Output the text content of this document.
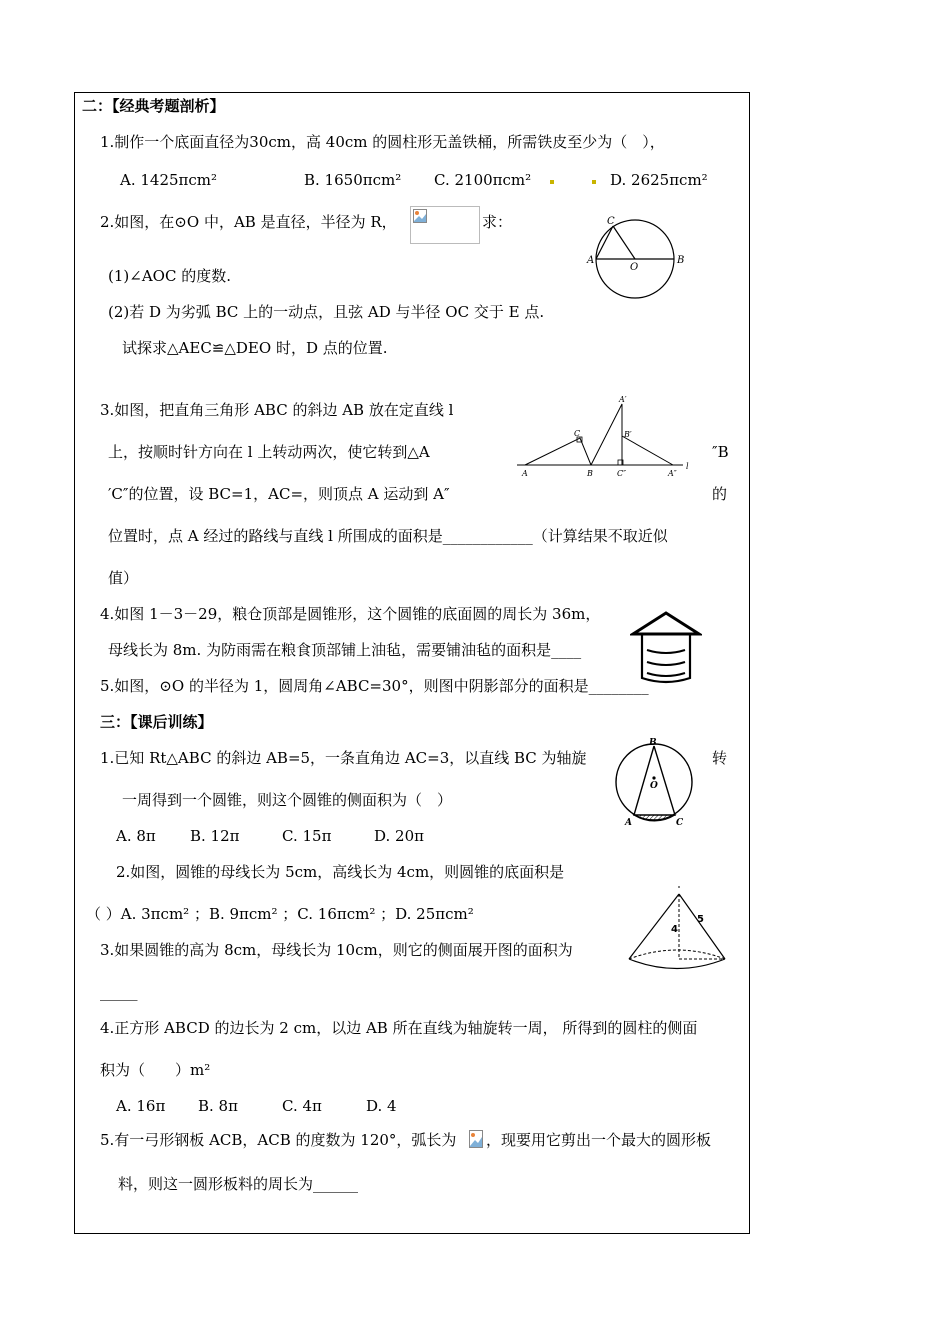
二：【经典考题剖析】
1.制作一个底面直径为30cm，高 40cm 的圆柱形无盖铁桶，所需铁皮至少为（　），
A. 1425πcm²	B. 1650πcm² C. 2100πcm²	D. 2625πcm²
2.如图，在⊙O 中，AB 是直径，半径为 R，	求：	C
A
O
B
(1)∠AOC 的度数.
(2)若 D 为劣弧 BC 上的一动点，且弦 AD 与半径 OC 交于 E 点.
试探求△AEC≌△DEO 时，D 点的位置.
3.如图，把直角三角形 ABC 的斜边 AB 放在定直线 l
上，按顺时针方向在 l 上转动两次，使它转到△A	″B
′C″的位置，设 BC=1，AC=，则顶点 A 运动到 A″	的
位置时，点 A 经过的路线与直线 l 所围成的面积是____________（计算结果不取近似
值）
A′
C	B′
A	B	C″	A″
l
4.如图 1－3－29，粮仓顶部是圆锥形，这个圆锥的底面圆的周长为 36m，
母线长为 8m. 为防雨需在粮食顶部铺上油毡，需要铺油毡的面积是____
5.如图，⊙O 的半径为 1，圆周角∠ABC=30°，则图中阴影部分的面积是________
三：【课后训练】
1.已知 Rt△ABC 的斜边 AB=5，一条直角边 AC=3，以直线 BC 为轴旋	转
一周得到一个圆锥，则这个圆锥的侧面积为（　）
A. 8π B. 12π	C. 15π	D. 20π
B
O
A	C
2.如图，圆锥的母线长为 5cm，高线长为 4cm，则圆锥的底面积是
（ ）A. 3πcm² ；B. 9πcm² ；C. 16πcm² ；D. 25πcm²
4
5
3.如果圆锥的高为 8cm，母线长为 10cm，则它的侧面展开图的面积为
_____
4.正方形 ABCD 的边长为 2 cm，以边 AB 所在直线为轴旋转一周， 所得到的圆柱的侧面
积为（　　）m²
A. 16π B. 8π	C. 4π	D. 4
5.有一弓形钢板 ACB，ACB 的度数为 120°，弧长为 ，现要用它剪出一个最大的圆形板
料，则这一圆形板料的周长为______
